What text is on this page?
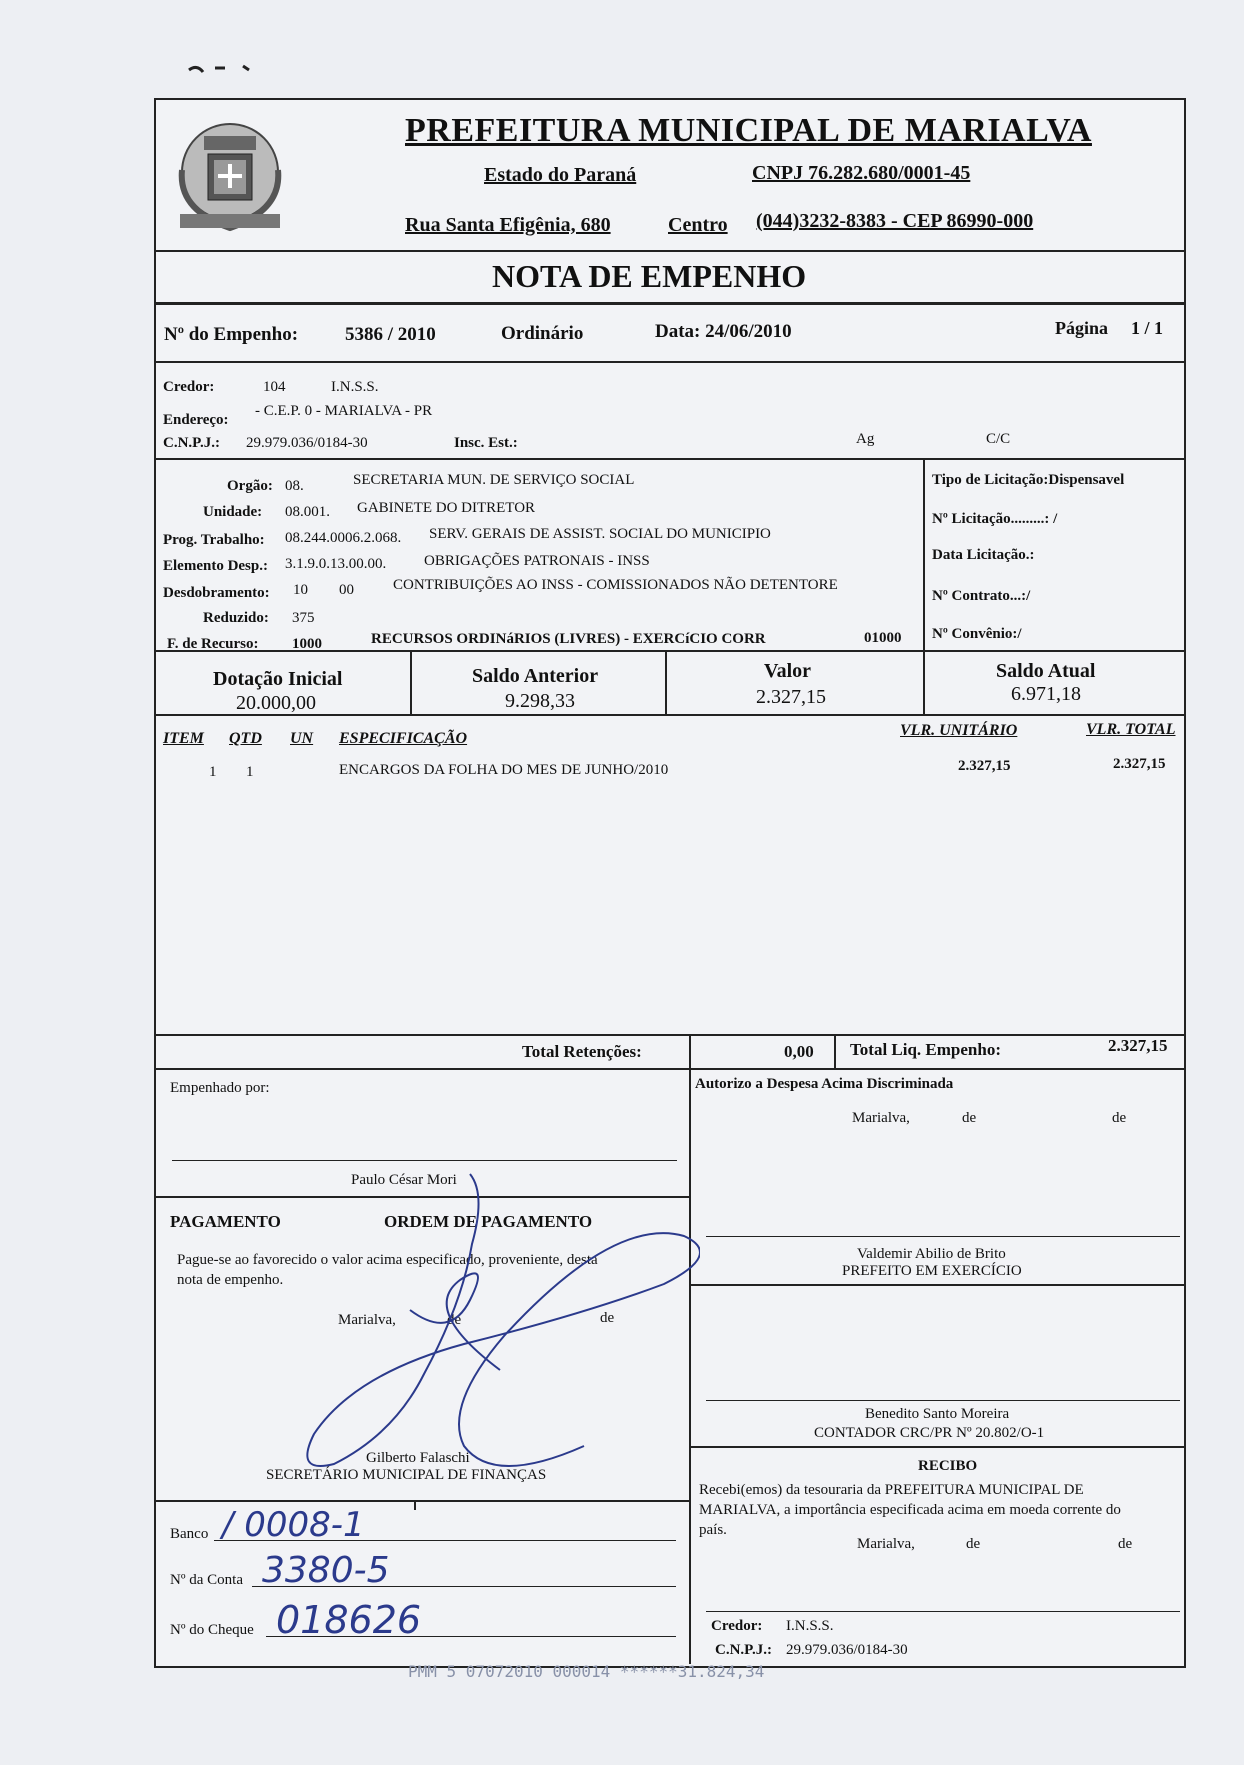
PREFEITURA MUNICIPAL DE MARIALVA
Estado do Paraná	CNPJ 76.282.680/0001-45
Rua Santa Efigênia, 680	Centro (044)3232-8383 - CEP 86990-000
NOTA DE EMPENHO
Nº do Empenho: 5386 / 2010	Ordinário	Data: 24/06/2010	Página 1 / 1
Credor:	104	I.N.S.S.
Endereço:
- C.E.P. 0 - MARIALVA - PR
C.N.P.J.: 29.979.036/0184-30	Insc. Est.:	Ag	C/C
Orgão: 08.	SECRETARIA MUN. DE SERVIÇO SOCIAL
Unidade: 08.001. GABINETE DO DITRETOR
Prog. Trabalho: 08.244.0006.2.068. SERV. GERAIS DE ASSIST. SOCIAL DO MUNICIPIO
Elemento Desp.: 3.1.9.0.13.00.00.	OBRIGAÇÕES PATRONAIS - INSS
Desdobramento: 10 00	CONTRIBUIÇÕES AO INSS - COMISSIONADOS NÃO DETENTORE
Reduzido: 375
F. de Recurso: 1000	RECURSOS ORDINáRIOS (LIVRES) - EXERCíCIO CORR	01000
Tipo de Licitação:Dispensavel
Nº Licitação.........: /
Data Licitação.:
Nº Contrato...:/
Nº Convênio:/
Dotação Inicial
20.000,00
Saldo Anterior
9.298,33
Valor
2.327,15
Saldo Atual
6.971,18
ITEM QTD UN ESPECIFICAÇÃO	VLR. UNITÁRIO	VLR. TOTAL
1 1	ENCARGOS DA FOLHA DO MES DE JUNHO/2010	2.327,15	2.327,15
Total Retenções:	0,00 Total Liq. Empenho:	2.327,15
Empenhado por:
Paulo César Mori
Autorizo a Despesa Acima Discriminada
Marialva,	de	de
Valdemir Abilio de Brito
PREFEITO EM EXERCÍCIO
PAGAMENTO	ORDEM DE PAGAMENTO
Pague-se ao favorecido o valor acima especificado, proveniente, desta
nota de empenho.
Marialva,	de	de
Gilberto Falaschi
SECRETÁRIO MUNICIPAL DE FINANÇAS
Benedito Santo Moreira
CONTADOR CRC/PR Nº 20.802/O-1
RECIBO
Recebi(emos) da tesouraria da PREFEITURA MUNICIPAL DE
MARIALVA, a importância especificada acima em moeda corrente do
país.
Marialva,	de	de
Credor: I.N.S.S.
C.N.P.J.: 29.979.036/0184-30
Banco / 0008-1
Nº da Conta 3380-5
Nº do Cheque 018626
PMM 5 07072010 000014 ******31.824,34
